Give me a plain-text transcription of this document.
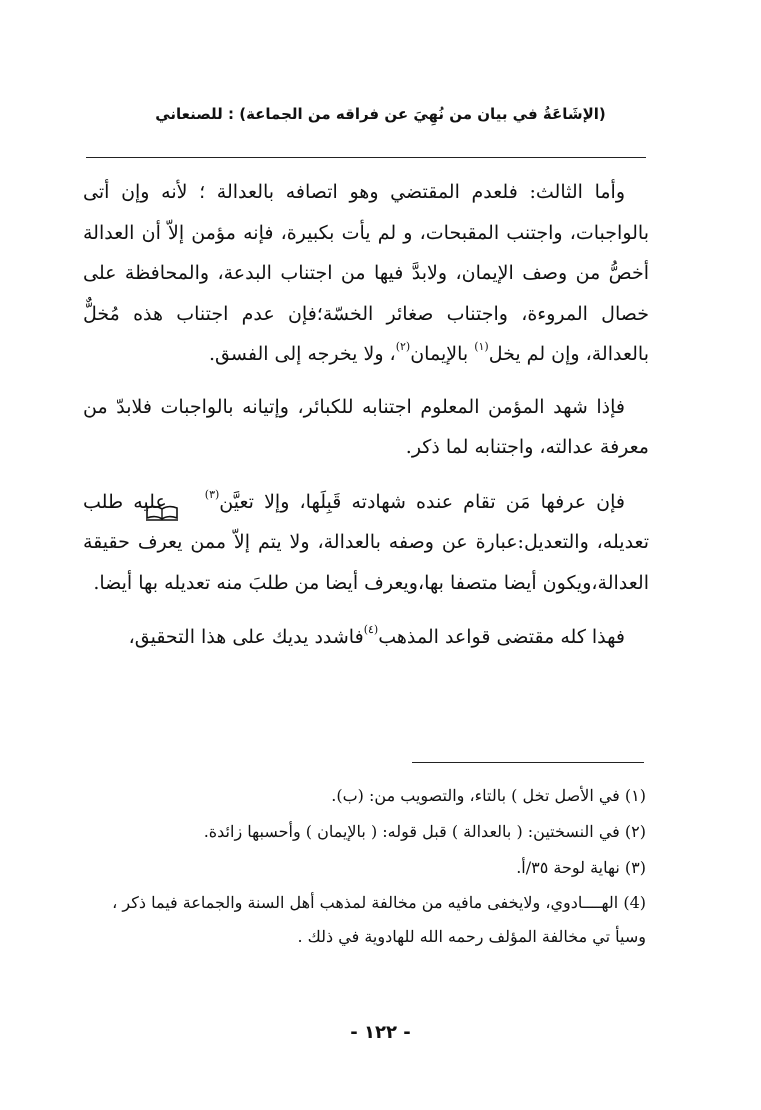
(الإشَاعَةُ في بيان من نُهِيَ عن فراقه من الجماعة) : للصنعاني

وأما الثالث: فلعدم المقتضي وهو اتصافه بالعدالة ؛ لأنه وإن أتى بالواجبات، واجتنب المقبحات، و لم يأت بكبيرة، فإنه مؤمن إلاّ أن العدالة أخصُّ من وصف الإيمان، ولابدَّ فيها من اجتناب البدعة، والمحافظة على خصال المروءة، واجتناب صغائر الخسّة؛فإن عدم اجتناب هذه مُخلٌّ بالعدالة، وإن لم يخل$^{(١)}$ بالإيمان$^{(٢)}$، ولا يخرجه إلى الفسق.

فإذا شهد المؤمن المعلوم اجتنابه للكبائر، وإتيانه بالواجبات فلابدّ من معرفة عدالته، واجتنابه لما ذكر.

فإن عرفها مَن تقام عنده شهادته قَبِلَها، وإلا تعيَّن$^{(٣)}$عليه طلب تعديله، والتعديل:عبارة عن وصفه بالعدالة، ولا يتم إلاّ ممن يعرف حقيقة العدالة،ويكون أيضا متصفا بها،ويعرف أيضا من طلبَ منه تعديله بها أيضا.

فهذا كله مقتضى قواعد المذهب$^{(٤)}$فاشدد يديك على هذا التحقيق،

(١) في الأصل تخل ) بالتاء، والتصويب من: (ب).

(٢) في النسختين: ( بالعدالة ) قبل قوله: ( بالإيمان ) وأحسبها زائدة.

(٣) نهاية لوحة ٣٥/أ.

(4) الهــــادوي، ولايخفى مافيه من مخالفة لمذهب أهل السنة والجماعة فيما ذكر ، وسيأ تي مخالفة المؤلف رحمه الله للهادوية في ذلك .

- ١٢٢ -
